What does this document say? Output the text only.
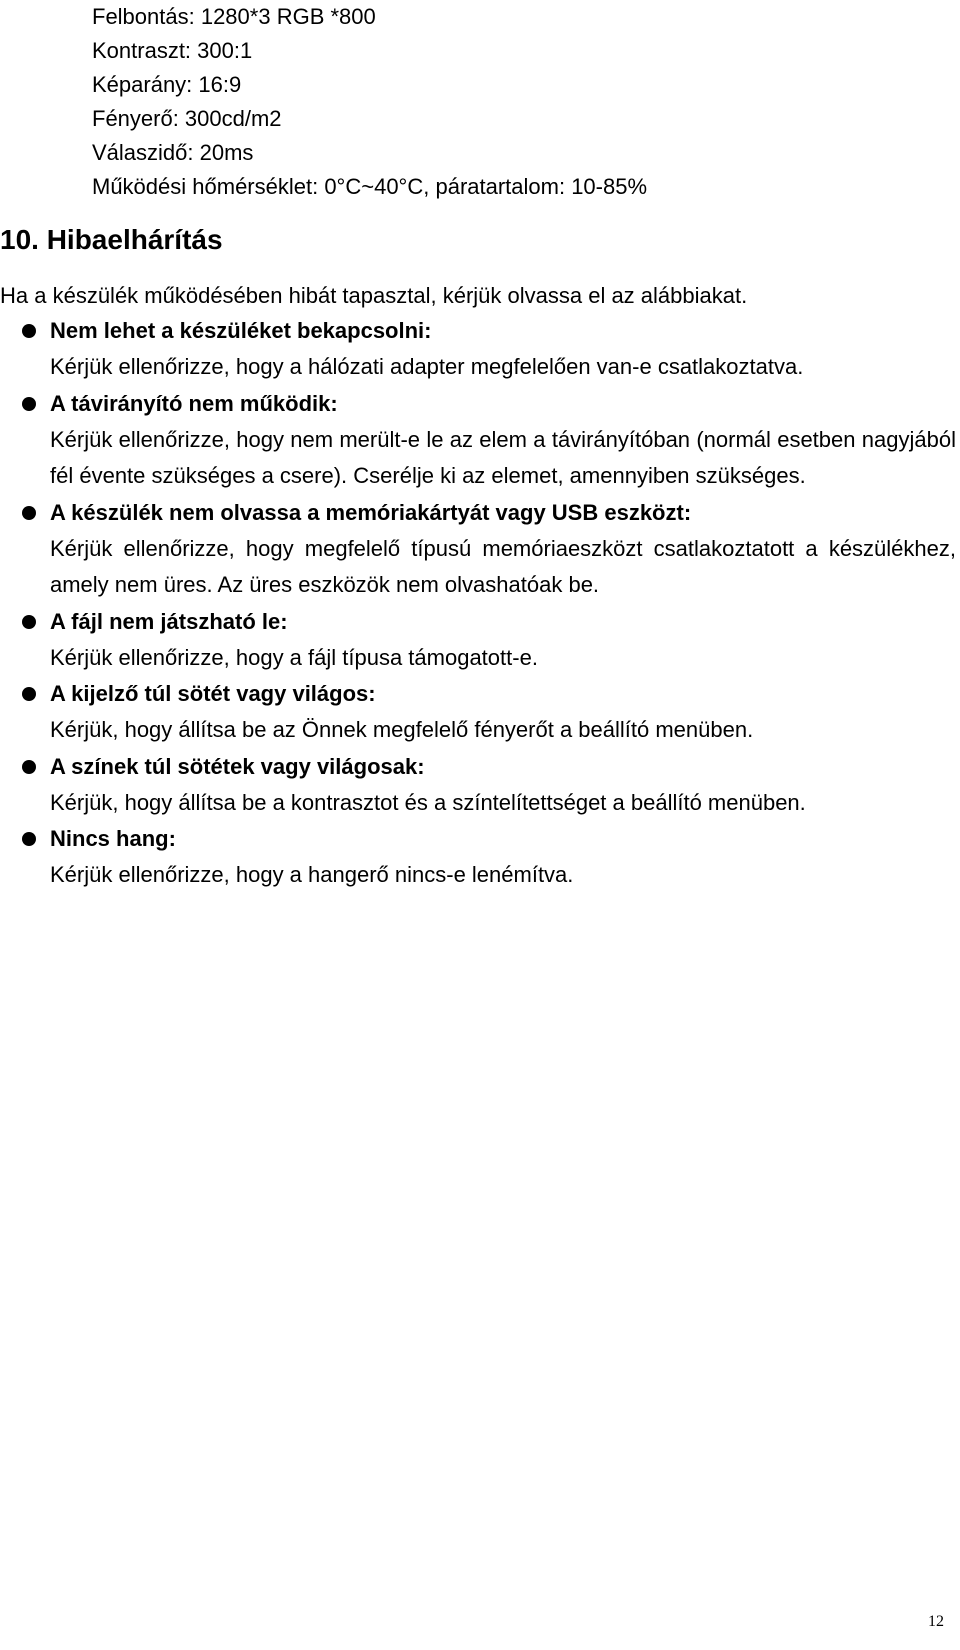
Felbontás: 1280*3 RGB *800
Kontraszt: 300:1
Képarány: 16:9
Fényerő: 300cd/m2
Válaszidő: 20ms
Működési hőmérséklet: 0°C~40°C, páratartalom: 10-85%
10. Hibaelhárítás
Ha a készülék működésében hibát tapasztal, kérjük olvassa el az alábbiakat.
Nem lehet a készüléket bekapcsolni:
Kérjük ellenőrizze, hogy a hálózati adapter megfelelően van-e csatlakoztatva.
A távirányító nem működik:
Kérjük ellenőrizze, hogy nem merült-e le az elem a távirányítóban (normál esetben nagyjából fél évente szükséges a csere). Cserélje ki az elemet, amennyiben szükséges.
A készülék nem olvassa a memóriakártyát vagy USB eszközt:
Kérjük ellenőrizze, hogy megfelelő típusú memóriaeszközt csatlakoztatott a készülékhez, amely nem üres. Az üres eszközök nem olvashatóak be.
A fájl nem játszható le:
Kérjük ellenőrizze, hogy a fájl típusa támogatott-e.
A kijelző túl sötét vagy világos:
Kérjük, hogy állítsa be az Önnek megfelelő fényerőt a beállító menüben.
A színek túl sötétek vagy világosak:
Kérjük, hogy állítsa be a kontrasztot és a színtelítettséget a beállító menüben.
Nincs hang:
Kérjük ellenőrizze, hogy a hangerő nincs-e lenémítva.
12
